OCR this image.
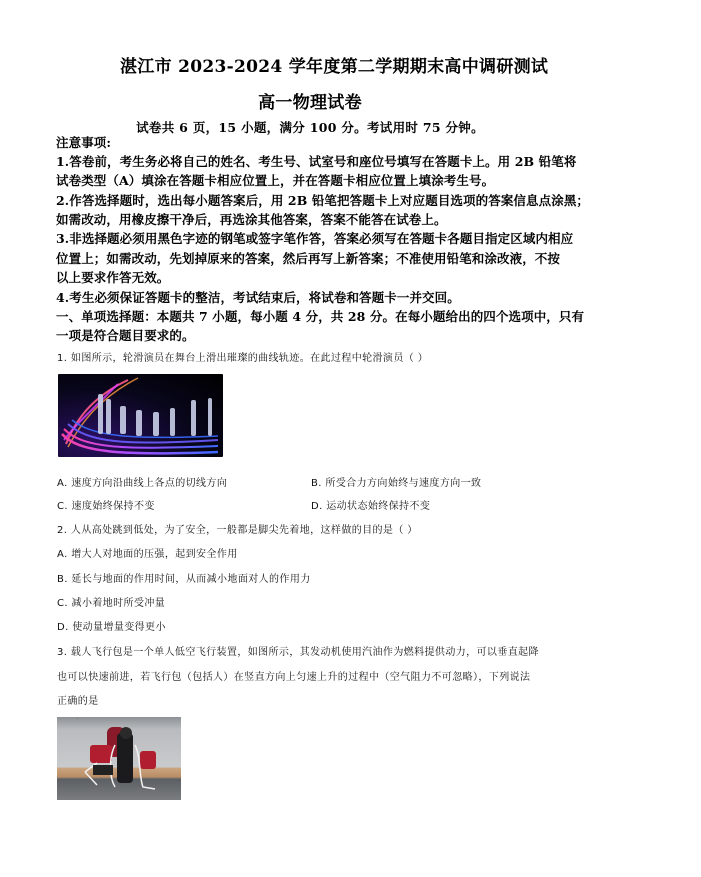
湛江市 2023-2024 学年度第二学期期末高中调研测试
高一物理试卷
试卷共 6 页，15 小题，满分 100 分。考试用时 75 分钟。
注意事项:
1.答卷前，考生务必将自己的姓名、考生号、试室号和座位号填写在答题卡上。用 2B 铅笔将
试卷类型（A）填涂在答题卡相应位置上，并在答题卡相应位置上填涂考生号。
2.作答选择题时，选出每小题答案后，用 2B 铅笔把答题卡上对应题目选项的答案信息点涂黑；
如需改动，用橡皮擦干净后，再选涂其他答案，答案不能答在试卷上。
3.非选择题必须用黑色字迹的钢笔或签字笔作答，答案必须写在答题卡各题目指定区域内相应
位置上；如需改动，先划掉原来的答案，然后再写上新答案；不准使用铅笔和涂改液，不按
以上要求作答无效。
4.考生必须保证答题卡的整洁，考试结束后，将试卷和答题卡一并交回。
一、单项选择题：本题共 7 小题，每小题 4 分，共 28 分。在每小题给出的四个选项中，只有
一项是符合题目要求的。
1. 如图所示，轮滑演员在舞台上滑出璀璨的曲线轨迹。在此过程中轮滑演员（ ）
A. 速度方向沿曲线上各点的切线方向	B. 所受合力方向始终与速度方向一致
C. 速度始终保持不变	D. 运动状态始终保持不变
2. 人从高处跳到低处，为了安全，一般都是脚尖先着地，这样做的目的是（ ）
A. 增大人对地面的压强，起到安全作用
B. 延长与地面的作用时间，从而减小地面对人的作用力
C. 减小着地时所受冲量
D. 使动量增量变得更小
3. 载人飞行包是一个单人低空飞行装置，如图所示，其发动机使用汽油作为燃料提供动力，可以垂直起降
也可以快速前进，若飞行包（包括人）在竖直方向上匀速上升的过程中（空气阻力不可忽略），下列说法
正确的是
